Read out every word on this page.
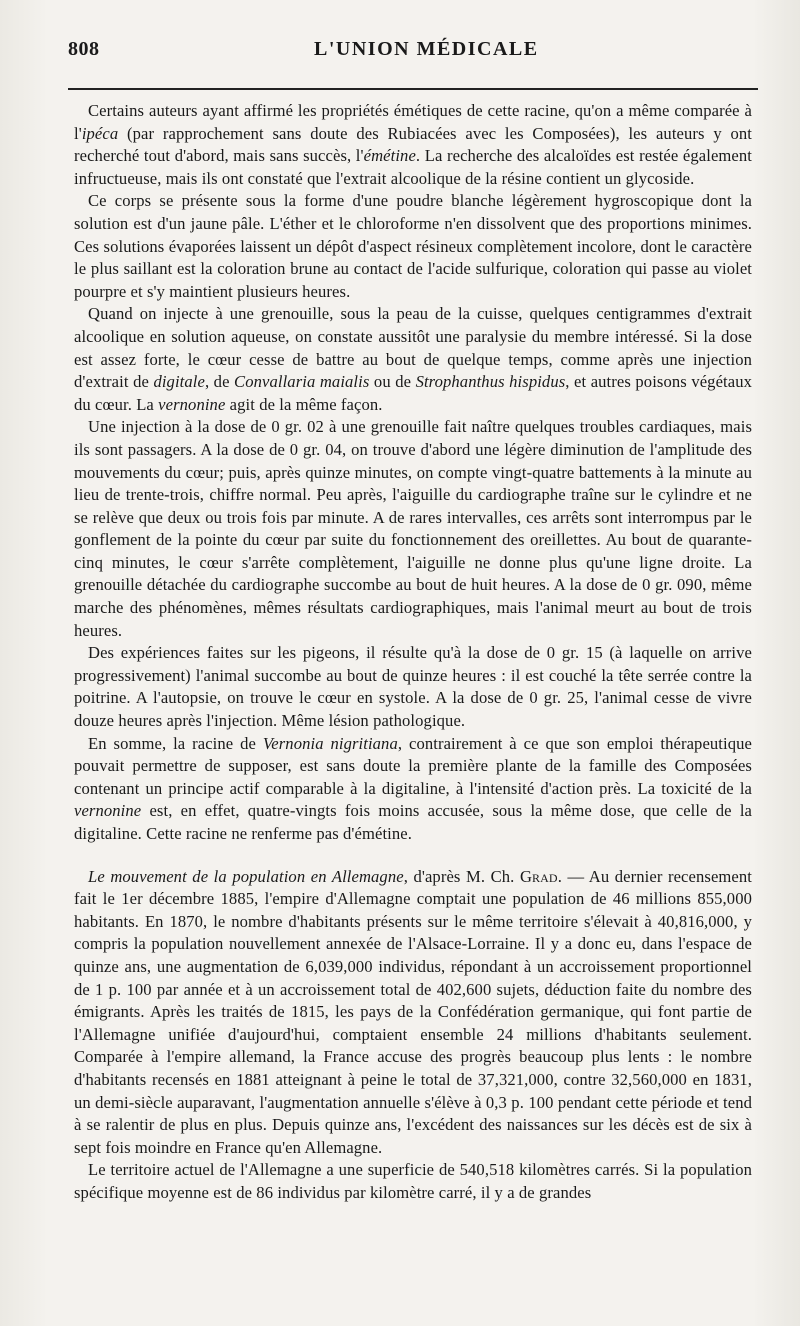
808	L'UNION MÉDICALE

Certains auteurs ayant affirmé les propriétés émétiques de cette racine, qu'on a même comparée à l'ipéca (par rapprochement sans doute des Rubiacées avec les Composées), les auteurs y ont recherché tout d'abord, mais sans succès, l'émétine. La recherche des alcaloïdes est restée également infructueuse, mais ils ont constaté que l'extrait alcoolique de la résine contient un glycoside.

Ce corps se présente sous la forme d'une poudre blanche légèrement hygroscopique dont la solution est d'un jaune pâle. L'éther et le chloroforme n'en dissolvent que des proportions minimes. Ces solutions évaporées laissent un dépôt d'aspect résineux complètement incolore, dont le caractère le plus saillant est la coloration brune au contact de l'acide sulfurique, coloration qui passe au violet pourpre et s'y maintient plusieurs heures.

Quand on injecte à une grenouille, sous la peau de la cuisse, quelques centigrammes d'extrait alcoolique en solution aqueuse, on constate aussitôt une paralysie du membre intéressé. Si la dose est assez forte, le cœur cesse de battre au bout de quelque temps, comme après une injection d'extrait de digitale, de Convallaria maialis ou de Strophanthus hispidus, et autres poisons végétaux du cœur. La vernonine agit de la même façon.

Une injection à la dose de 0 gr. 02 à une grenouille fait naître quelques troubles cardiaques, mais ils sont passagers. A la dose de 0 gr. 04, on trouve d'abord une légère diminution de l'amplitude des mouvements du cœur; puis, après quinze minutes, on compte vingt-quatre battements à la minute au lieu de trente-trois, chiffre normal. Peu après, l'aiguille du cardiographe traîne sur le cylindre et ne se relève que deux ou trois fois par minute. A de rares intervalles, ces arrêts sont interrompus par le gonflement de la pointe du cœur par suite du fonctionnement des oreillettes. Au bout de quarante-cinq minutes, le cœur s'arrête complètement, l'aiguille ne donne plus qu'une ligne droite. La grenouille détachée du cardiographe succombe au bout de huit heures. A la dose de 0 gr. 090, même marche des phénomènes, mêmes résultats cardiographiques, mais l'animal meurt au bout de trois heures.

Des expériences faites sur les pigeons, il résulte qu'à la dose de 0 gr. 15 (à laquelle on arrive progressivement) l'animal succombe au bout de quinze heures : il est couché la tête serrée contre la poitrine. A l'autopsie, on trouve le cœur en systole. A la dose de 0 gr. 25, l'animal cesse de vivre douze heures après l'injection. Même lésion pathologique.

En somme, la racine de Vernonia nigritiana, contrairement à ce que son emploi thérapeutique pouvait permettre de supposer, est sans doute la première plante de la famille des Composées contenant un principe actif comparable à la digitaline, à l'intensité d'action près. La toxicité de la vernonine est, en effet, quatre-vingts fois moins accusée, sous la même dose, que celle de la digitaline. Cette racine ne renferme pas d'émétine.

Le mouvement de la population en Allemagne, d'après M. Ch. Grad. — Au dernier recensement fait le 1er décembre 1885, l'empire d'Allemagne comptait une population de 46 millions 855,000 habitants. En 1870, le nombre d'habitants présents sur le même territoire s'élevait à 40,816,000, y compris la population nouvellement annexée de l'Alsace-Lorraine. Il y a donc eu, dans l'espace de quinze ans, une augmentation de 6,039,000 individus, répondant à un accroissement proportionnel de 1 p. 100 par année et à un accroissement total de 402,600 sujets, déduction faite du nombre des émigrants. Après les traités de 1815, les pays de la Confédération germanique, qui font partie de l'Allemagne unifiée d'aujourd'hui, comptaient ensemble 24 millions d'habitants seulement. Comparée à l'empire allemand, la France accuse des progrès beaucoup plus lents : le nombre d'habitants recensés en 1881 atteignant à peine le total de 37,321,000, contre 32,560,000 en 1831, un demi-siècle auparavant, l'augmentation annuelle s'élève à 0,3 p. 100 pendant cette période et tend à se ralentir de plus en plus. Depuis quinze ans, l'excédent des naissances sur les décès est de six à sept fois moindre en France qu'en Allemagne.

Le territoire actuel de l'Allemagne a une superficie de 540,518 kilomètres carrés. Si la population spécifique moyenne est de 86 individus par kilomètre carré, il y a de grandes
